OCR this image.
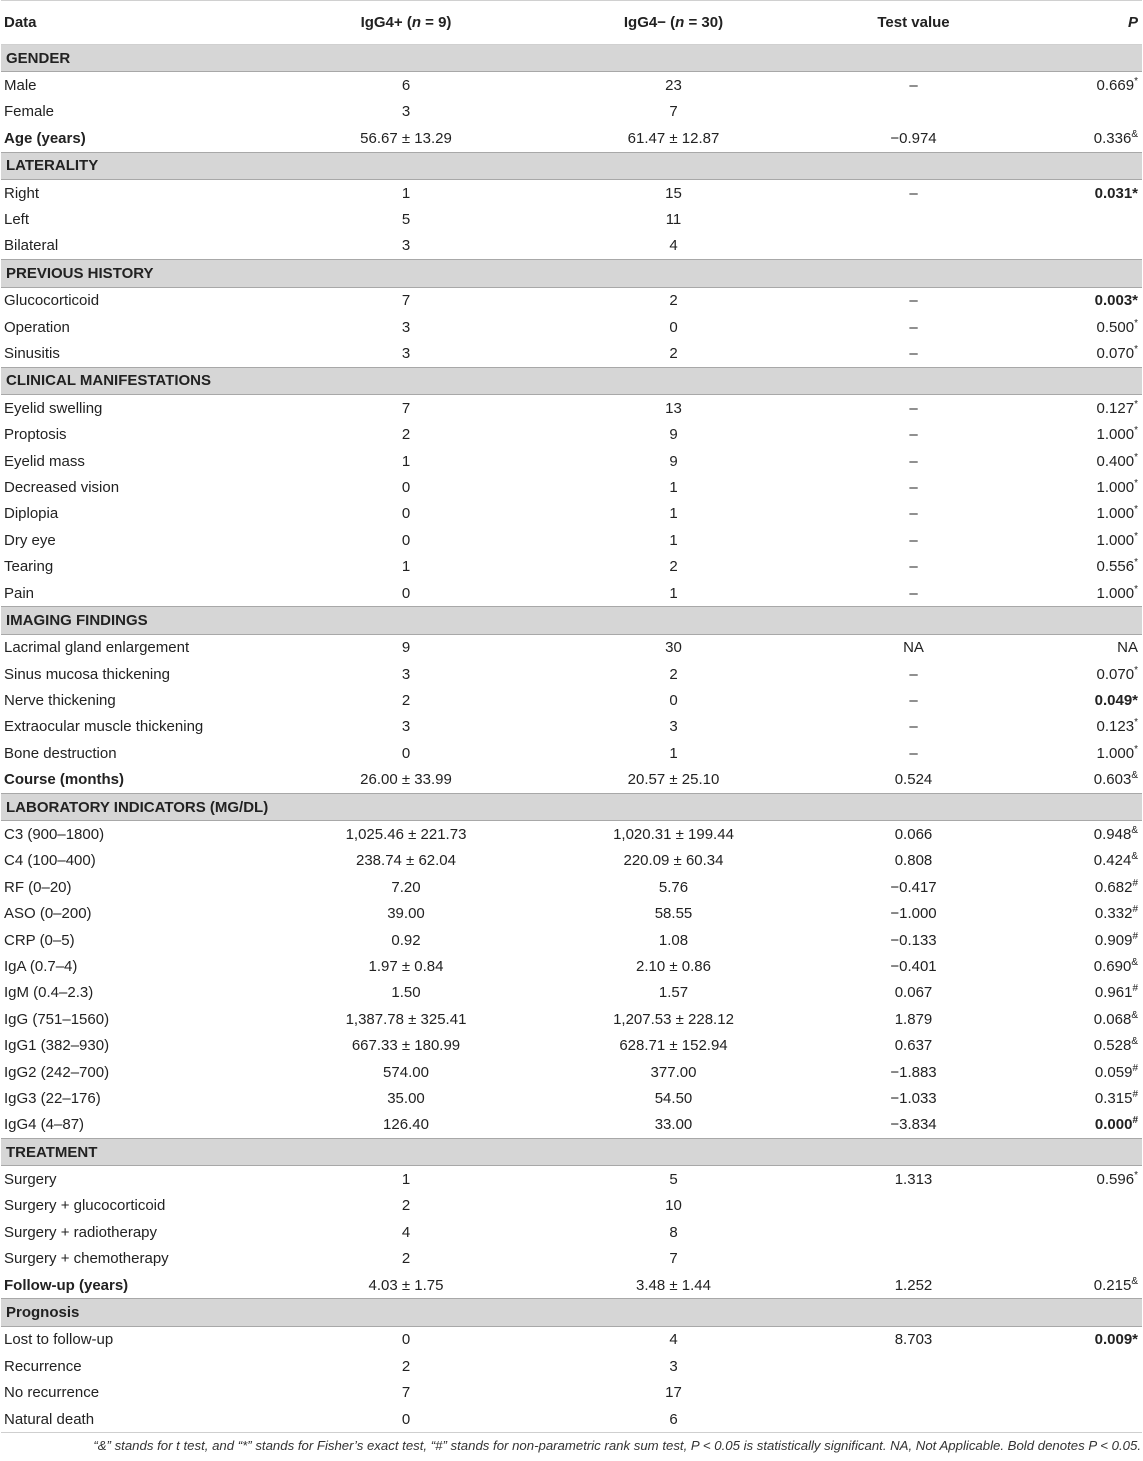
Data	IgG4+ (n = 9)	IgG4− (n = 30)	Test value	P
GENDER				
Male	6	23	–	0.669*
Female	3	7		
Age (years)	56.67 ± 13.29	61.47 ± 12.87	−0.974	0.336&
LATERALITY				
Right	1	15	–	0.031*
Left	5	11		
Bilateral	3	4		
PREVIOUS HISTORY				
Glucocorticoid	7	2	–	0.003*
Operation	3	0	–	0.500*
Sinusitis	3	2	–	0.070*
CLINICAL MANIFESTATIONS				
Eyelid swelling	7	13	–	0.127*
Proptosis	2	9	–	1.000*
Eyelid mass	1	9	–	0.400*
Decreased vision	0	1	–	1.000*
Diplopia	0	1	–	1.000*
Dry eye	0	1	–	1.000*
Tearing	1	2	–	0.556*
Pain	0	1	–	1.000*
IMAGING FINDINGS				
Lacrimal gland enlargement	9	30	NA	NA
Sinus mucosa thickening	3	2	–	0.070*
Nerve thickening	2	0	–	0.049*
Extraocular muscle thickening	3	3	–	0.123*
Bone destruction	0	1	–	1.000*
Course (months)	26.00 ± 33.99	20.57 ± 25.10	0.524	0.603&
LABORATORY INDICATORS (MG/DL)				
C3 (900–1800)	1,025.46 ± 221.73	1,020.31 ± 199.44	0.066	0.948&
C4 (100–400)	238.74 ± 62.04	220.09 ± 60.34	0.808	0.424&
RF (0–20)	7.20	5.76	−0.417	0.682#
ASO (0–200)	39.00	58.55	−1.000	0.332#
CRP (0–5)	0.92	1.08	−0.133	0.909#
IgA (0.7–4)	1.97 ± 0.84	2.10 ± 0.86	−0.401	0.690&
IgM (0.4–2.3)	1.50	1.57	0.067	0.961#
IgG (751–1560)	1,387.78 ± 325.41	1,207.53 ± 228.12	1.879	0.068&
IgG1 (382–930)	667.33 ± 180.99	628.71 ± 152.94	0.637	0.528&
IgG2 (242–700)	574.00	377.00	−1.883	0.059#
IgG3 (22–176)	35.00	54.50	−1.033	0.315#
IgG4 (4–87)	126.40	33.00	−3.834	0.000#
TREATMENT				
Surgery	1	5	1.313	0.596*
Surgery + glucocorticoid	2	10		
Surgery + radiotherapy	4	8		
Surgery + chemotherapy	2	7		
Follow-up (years)	4.03 ± 1.75	3.48 ± 1.44	1.252	0.215&
Prognosis				
Lost to follow-up	0	4	8.703	0.009*
Recurrence	2	3		
No recurrence	7	17		
Natural death	0	6		
“&” stands for t test, and “*” stands for Fisher’s exact test, “#” stands for non-parametric rank sum test, P < 0.05 is statistically significant. NA, Not Applicable. Bold denotes P < 0.05.
